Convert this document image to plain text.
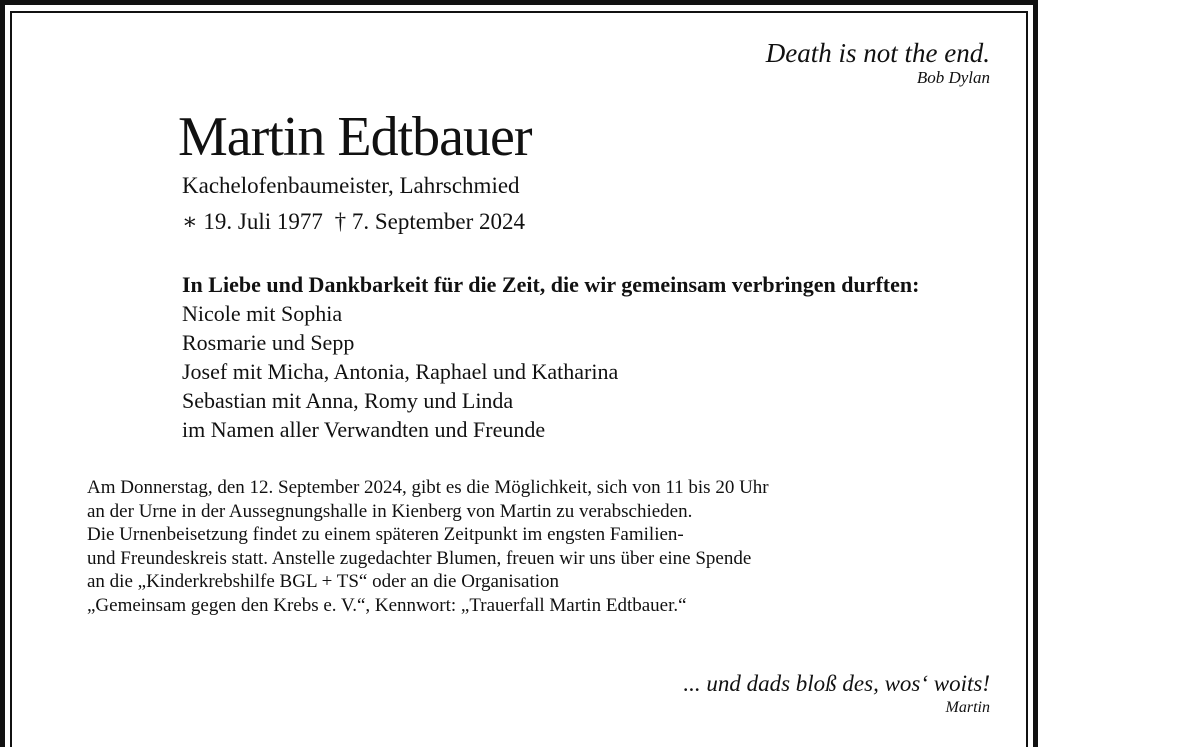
Death is not the end.
Bob Dylan
Martin Edtbauer
Kachelofenbaumeister, Lahrschmied
∗ 19. Juli 1977 † 7. September 2024
In Liebe und Dankbarkeit für die Zeit, die wir gemeinsam verbringen durften:
Nicole mit Sophia
Rosmarie und Sepp
Josef mit Micha, Antonia, Raphael und Katharina
Sebastian mit Anna, Romy und Linda
im Namen aller Verwandten und Freunde
Am Donnerstag, den 12. September 2024, gibt es die Möglichkeit, sich von 11 bis 20 Uhr
an der Urne in der Aussegnungshalle in Kienberg von Martin zu verabschieden.
Die Urnenbeisetzung findet zu einem späteren Zeitpunkt im engsten Familien-
und Freundeskreis statt. Anstelle zugedachter Blumen, freuen wir uns über eine Spende
an die „Kinderkrebshilfe BGL + TS“ oder an die Organisation
„Gemeinsam gegen den Krebs e. V.“, Kennwort: „Trauerfall Martin Edtbauer.“
... und dads bloß des, wos‘ woits!
Martin
